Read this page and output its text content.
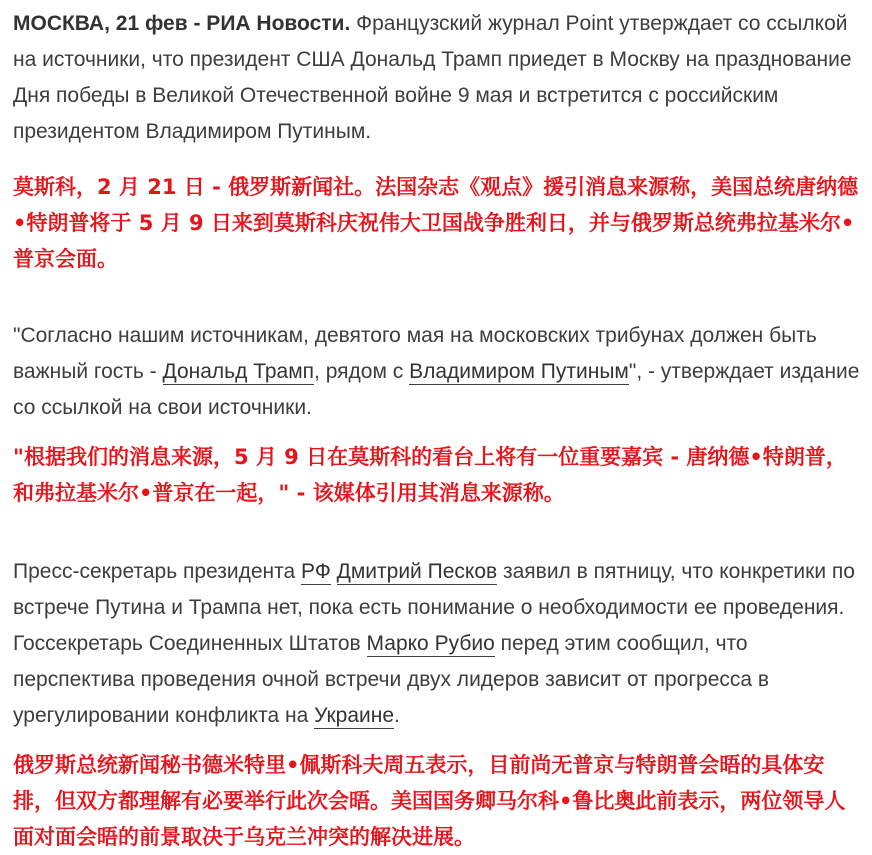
МОСКВА, 21 фев - РИА Новости. Французский журнал Point утверждает со ссылкой на источники, что президент США Дональд Трамп приедет в Москву на празднование Дня победы в Великой Отечественной войне 9 мая и встретится с российским президентом Владимиром Путиным.

莫斯科，2 月 21 日 - 俄罗斯新闻社。法国杂志《观点》援引消息来源称，美国总统唐纳德•特朗普将于 5 月 9 日来到莫斯科庆祝伟大卫国战争胜利日，并与俄罗斯总统弗拉基米尔•普京会面。

"Согласно нашим источникам, девятого мая на московских трибунах должен быть важный гость - Дональд Трамп, рядом с Владимиром Путиным", - утверждает издание со ссылкой на свои источники.

"根据我们的消息来源，5 月 9 日在莫斯科的看台上将有一位重要嘉宾 - 唐纳德•特朗普，和弗拉基米尔•普京在一起，" - 该媒体引用其消息来源称。

Пресс-секретарь президента РФ Дмитрий Песков заявил в пятницу, что конкретики по встрече Путина и Трампа нет, пока есть понимание о необходимости ее проведения. Госсекретарь Соединенных Штатов Марко Рубио перед этим сообщил, что перспектива проведения очной встречи двух лидеров зависит от прогресса в урегулировании конфликта на Украине.

俄罗斯总统新闻秘书德米特里•佩斯科夫周五表示，目前尚无普京与特朗普会晤的具体安排，但双方都理解有必要举行此次会晤。美国国务卿马尔科•鲁比奥此前表示，两位领导人面对面会晤的前景取决于乌克兰冲突的解决进展。
